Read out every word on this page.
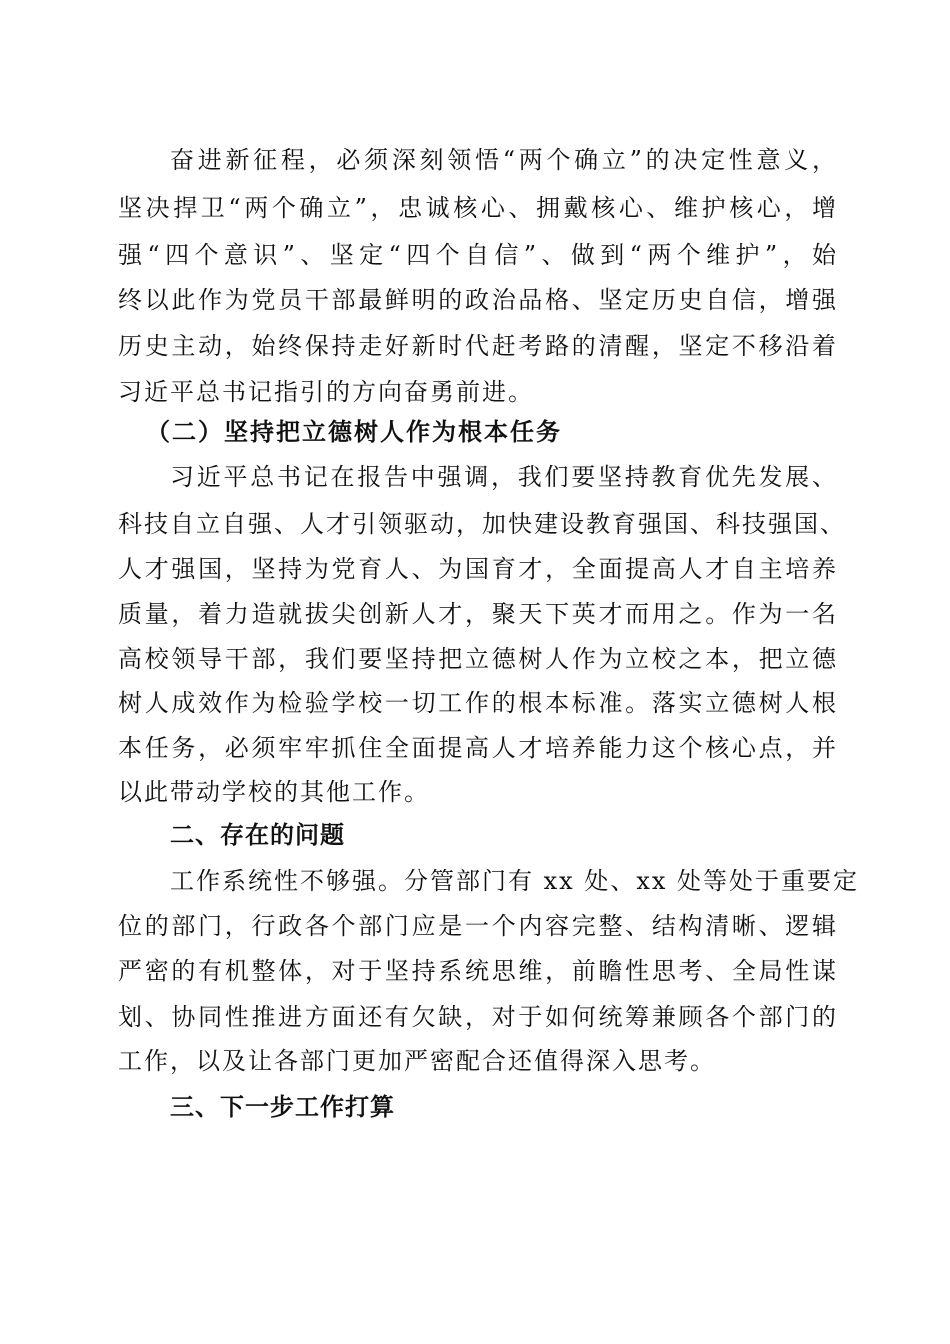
奋进新征程，必须深刻领悟“两个确立”的决定性意义，
坚决捍卫“两个确立”，忠诚核心、拥戴核心、维护核心，增
强“四个意识”、坚定“四个自信”、做到“两个维护”，始
终以此作为党员干部最鲜明的政治品格、坚定历史自信，增强
历史主动，始终保持走好新时代赶考路的清醒，坚定不移沿着
习近平总书记指引的方向奋勇前进。
（二）坚持把立德树人作为根本任务
习近平总书记在报告中强调，我们要坚持教育优先发展、
科技自立自强、人才引领驱动，加快建设教育强国、科技强国、
人才强国，坚持为党育人、为国育才，全面提高人才自主培养
质量，着力造就拔尖创新人才，聚天下英才而用之。作为一名
高校领导干部，我们要坚持把立德树人作为立校之本，把立德
树人成效作为检验学校一切工作的根本标准。落实立德树人根
本任务，必须牢牢抓住全面提高人才培养能力这个核心点，并
以此带动学校的其他工作。
二、存在的问题
工作系统性不够强。分管部门有 xx 处、xx 处等处于重要定
位的部门，行政各个部门应是一个内容完整、结构清晰、逻辑
严密的有机整体，对于坚持系统思维，前瞻性思考、全局性谋
划、协同性推进方面还有欠缺，对于如何统筹兼顾各个部门的
工作，以及让各部门更加严密配合还值得深入思考。
三、下一步工作打算
